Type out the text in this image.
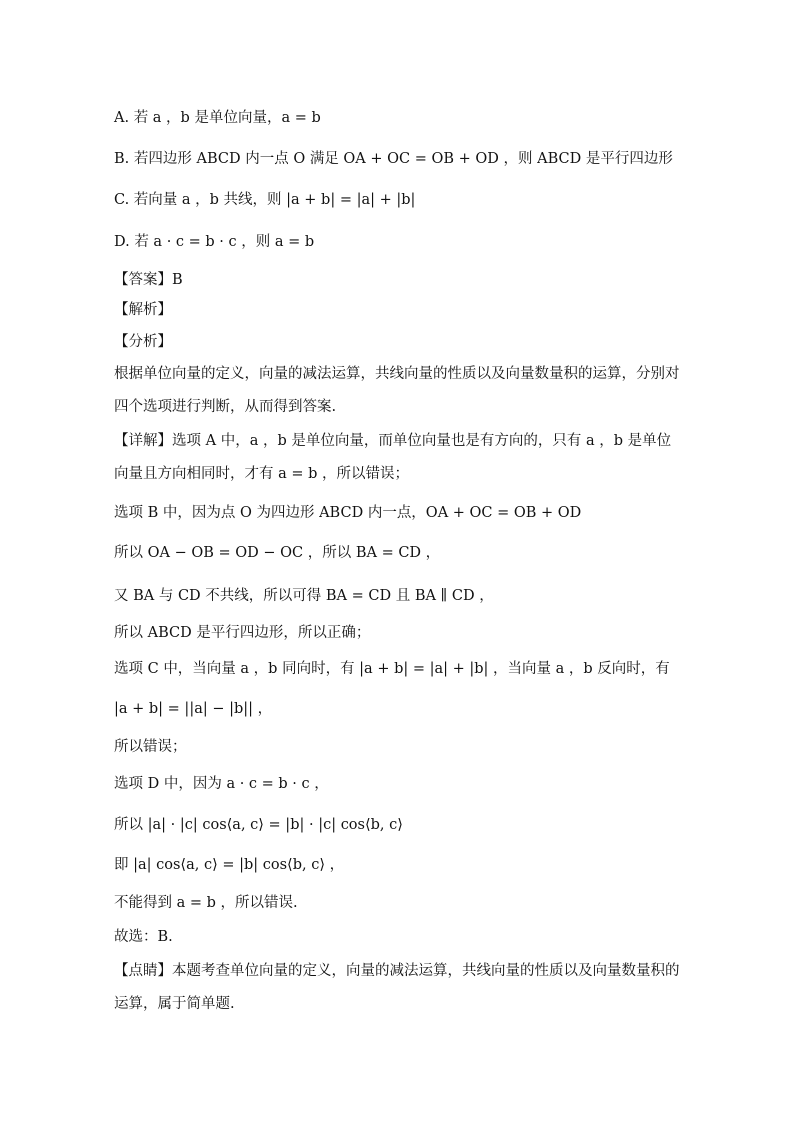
A. 若 a ，b 是单位向量，a = b
B. 若四边形 ABCD 内一点 O 满足 OA + OC = OB + OD ，则 ABCD 是平行四边形
C. 若向量 a ，b 共线，则 |a + b| = |a| + |b|
D. 若 a · c = b · c ，则 a = b
【答案】B
【解析】
【分析】
根据单位向量的定义，向量的减法运算，共线向量的性质以及向量数量积的运算，分别对四个选项进行判断，从而得到答案.
【详解】选项 A 中，a ，b 是单位向量，而单位向量也是有方向的，只有 a ，b 是单位向量且方向相同时，才有 a = b ，所以错误；
选项 B 中，因为点 O 为四边形 ABCD 内一点，OA + OC = OB + OD
所以 OA − OB = OD − OC ，所以 BA = CD ，
又 BA 与 CD 不共线，所以可得 BA = CD 且 BA ∥ CD ，
所以 ABCD 是平行四边形，所以正确；
选项 C 中，当向量 a ，b 同向时，有 |a + b| = |a| + |b| ，当向量 a ，b 反向时，有
|a + b| = ||a| − |b|| ，
所以错误；
选项 D 中，因为 a · c = b · c ，
所以 |a| · |c| cos⟨a, c⟩ = |b| · |c| cos⟨b, c⟩
即 |a| cos⟨a, c⟩ = |b| cos⟨b, c⟩ ，
不能得到 a = b ，所以错误.
故选：B.
【点睛】本题考查单位向量的定义，向量的减法运算，共线向量的性质以及向量数量积的运算，属于简单题.
